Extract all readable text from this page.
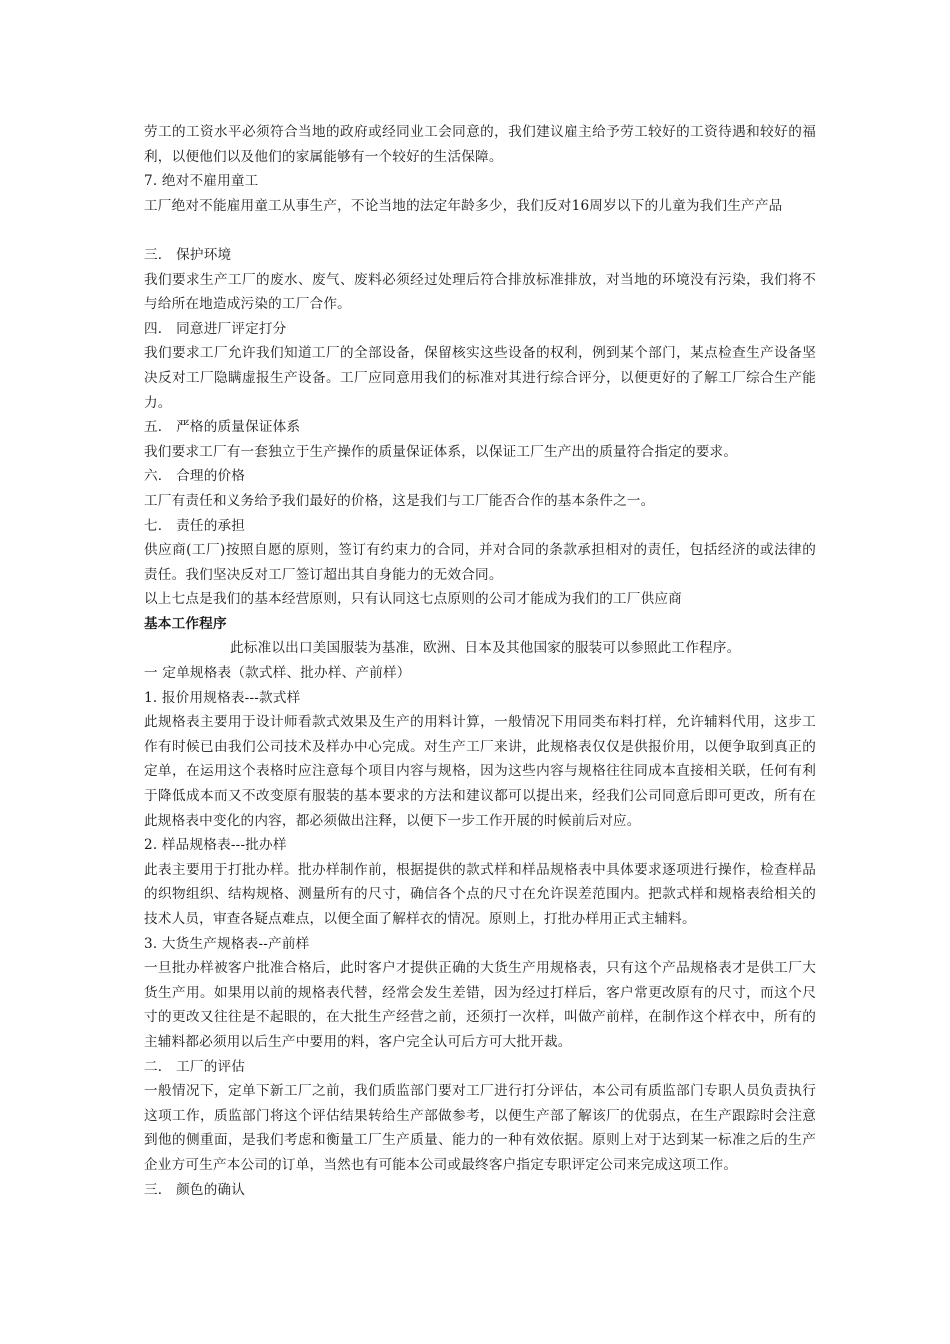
劳工的工资水平必须符合当地的政府或经同业工会同意的，我们建议雇主给予劳工较好的工资待遇和较好的福利，以便他们以及他们的家属能够有一个较好的生活保障。

7. 绝对不雇用童工

工厂绝对不能雇用童工从事生产，不论当地的法定年龄多少，我们反对16周岁以下的儿童为我们生产产品

三． 保护环境

我们要求生产工厂的废水、废气、废料必须经过处理后符合排放标准排放，对当地的环境没有污染，我们将不与给所在地造成污染的工厂合作。

四． 同意进厂评定打分

我们要求工厂允许我们知道工厂的全部设备，保留核实这些设备的权利，例到某个部门，某点检查生产设备坚决反对工厂隐瞒虚报生产设备。工厂应同意用我们的标准对其进行综合评分，以便更好的了解工厂综合生产能力。

五． 严格的质量保证体系

我们要求工厂有一套独立于生产操作的质量保证体系，以保证工厂生产出的质量符合指定的要求。

六． 合理的价格

工厂有责任和义务给予我们最好的价格，这是我们与工厂能否合作的基本条件之一。

七． 责任的承担

供应商(工厂)按照自愿的原则，签订有约束力的合同，并对合同的条款承担相对的责任，包括经济的或法律的责任。我们坚决反对工厂签订超出其自身能力的无效合同。

以上七点是我们的基本经营原则，只有认同这七点原则的公司才能成为我们的工厂供应商

基本工作程序

此标准以出口美国服装为基准，欧洲、日本及其他国家的服装可以参照此工作程序。

一 定单规格表（款式样、批办样、产前样）

1. 报价用规格表---款式样

此规格表主要用于设计师看款式效果及生产的用料计算，一般情况下用同类布料打样，允许辅料代用，这步工作有时候已由我们公司技术及样办中心完成。对生产工厂来讲，此规格表仅仅是供报价用，以便争取到真正的定单，在运用这个表格时应注意每个项目内容与规格，因为这些内容与规格往往同成本直接相关联，任何有利于降低成本而又不改变原有服装的基本要求的方法和建议都可以提出来，经我们公司同意后即可更改，所有在此规格表中变化的内容，都必须做出注释，以便下一步工作开展的时候前后对应。

2. 样品规格表---批办样

此表主要用于打批办样。批办样制作前，根据提供的款式样和样品规格表中具体要求逐项进行操作，检查样品的织物组织、结构规格、测量所有的尺寸，确信各个点的尺寸在允许误差范围内。把款式样和规格表给相关的技术人员，审查各疑点难点，以便全面了解样衣的情况。原则上，打批办样用正式主辅料。

3. 大货生产规格表--产前样

一旦批办样被客户批准合格后，此时客户才提供正确的大货生产用规格表，只有这个产品规格表才是供工厂大货生产用。如果用以前的规格表代替，经常会发生差错，因为经过打样后，客户常更改原有的尺寸，而这个尺寸的更改又往往是不起眼的，在大批生产经营之前，还须打一次样，叫做产前样，在制作这个样衣中，所有的主辅料都必须用以后生产中要用的料，客户完全认可后方可大批开裁。

二． 工厂的评估

一般情况下，定单下新工厂之前，我们质监部门要对工厂进行打分评估，本公司有质监部门专职人员负责执行这项工作，质监部门将这个评估结果转给生产部做参考，以便生产部了解该厂的优弱点，在生产跟踪时会注意到他的侧重面，是我们考虑和衡量工厂生产质量、能力的一种有效依据。原则上对于达到某一标准之后的生产企业方可生产本公司的订单，当然也有可能本公司或最终客户指定专职评定公司来完成这项工作。

三． 颜色的确认
